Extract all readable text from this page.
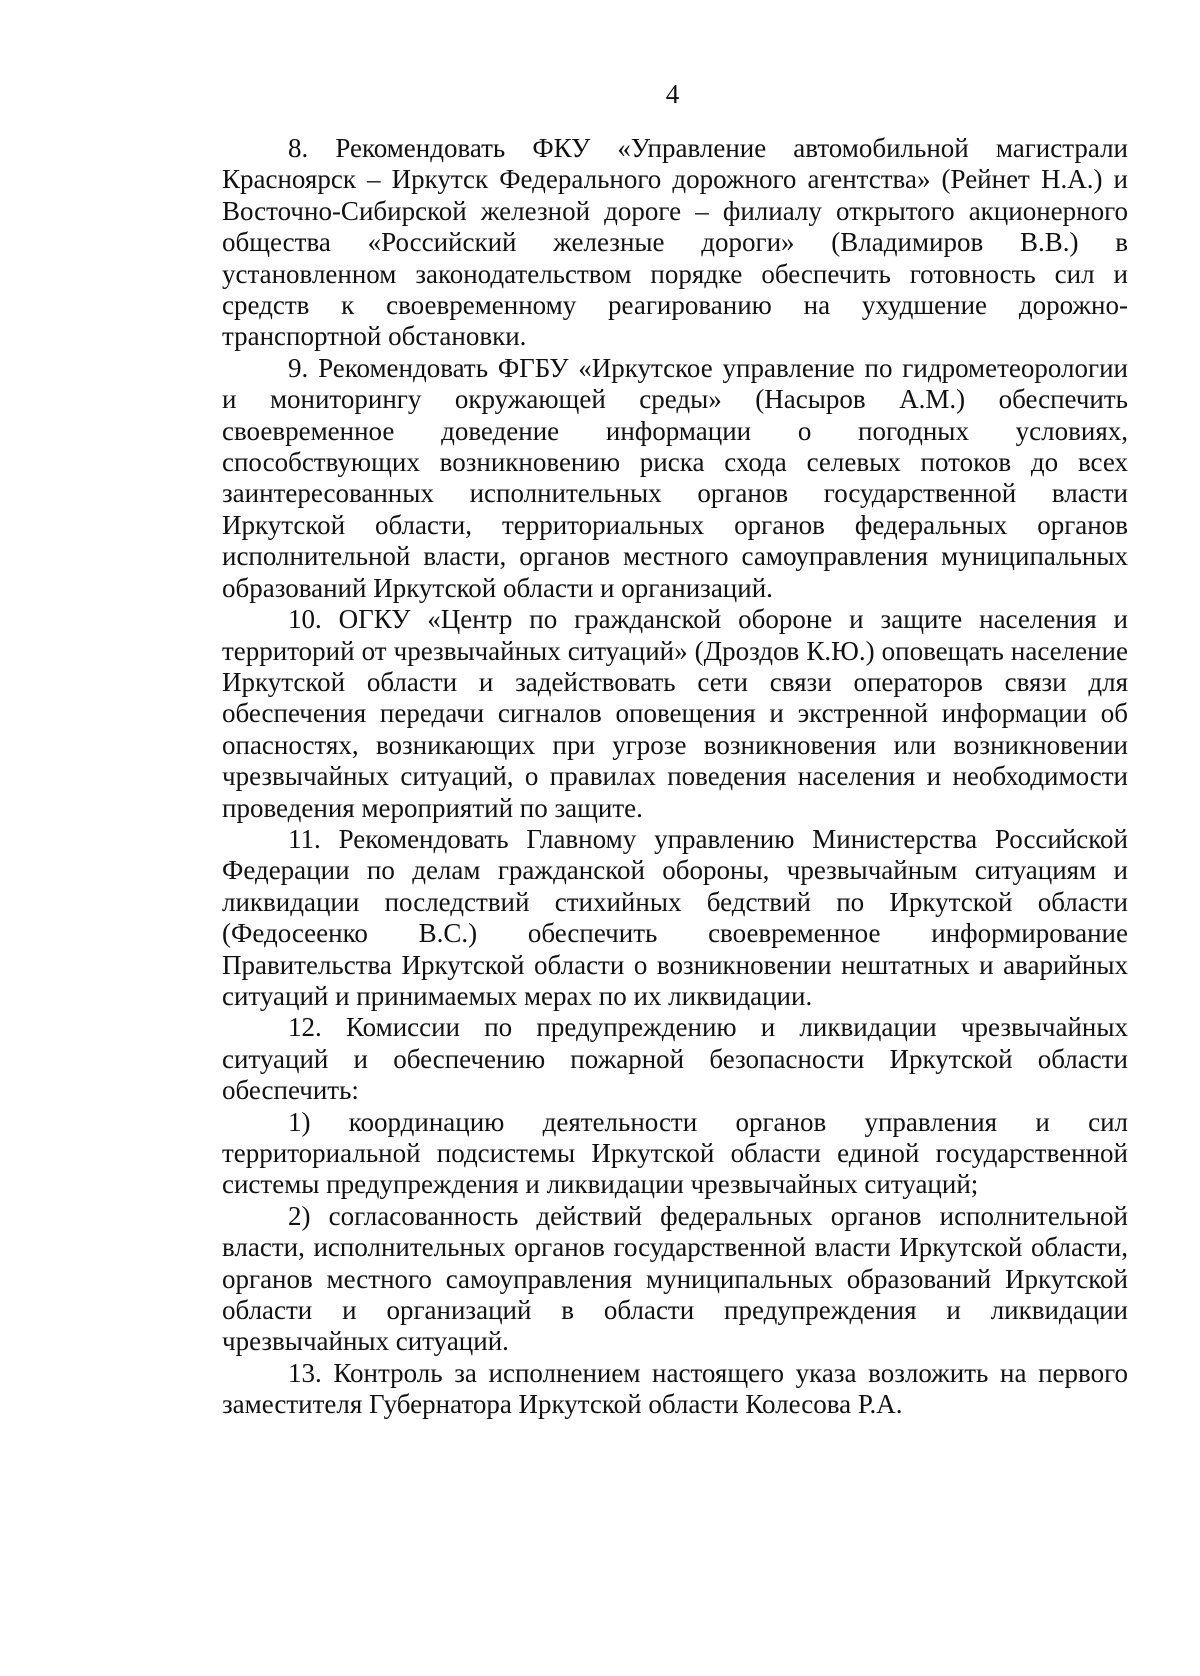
4

8. Рекомендовать ФКУ «Управление автомобильной магистрали Красноярск – Иркутск Федерального дорожного агентства» (Рейнет Н.А.) и Восточно-Сибирской железной дороге – филиалу открытого акционерного общества «Российский железные дороги» (Владимиров В.В.) в установленном законодательством порядке обеспечить готовность сил и средств к своевременному реагированию на ухудшение дорожно-транспортной обстановки.

9. Рекомендовать ФГБУ «Иркутское управление по гидрометеорологии и мониторингу окружающей среды» (Насыров А.М.) обеспечить своевременное доведение информации о погодных условиях, способствующих возникновению риска схода селевых потоков до всех заинтересованных исполнительных органов государственной власти Иркутской области, территориальных органов федеральных органов исполнительной власти, органов местного самоуправления муниципальных образований Иркутской области и организаций.

10. ОГКУ «Центр по гражданской обороне и защите населения и территорий от чрезвычайных ситуаций» (Дроздов К.Ю.) оповещать население Иркутской области и задействовать сети связи операторов связи для обеспечения передачи сигналов оповещения и экстренной информации об опасностях, возникающих при угрозе возникновения или возникновении чрезвычайных ситуаций, о правилах поведения населения и необходимости проведения мероприятий по защите.

11. Рекомендовать Главному управлению Министерства Российской Федерации по делам гражданской обороны, чрезвычайным ситуациям и ликвидации последствий стихийных бедствий по Иркутской области (Федосеенко В.С.) обеспечить своевременное информирование Правительства Иркутской области о возникновении нештатных и аварийных ситуаций и принимаемых мерах по их ликвидации.

12. Комиссии по предупреждению и ликвидации чрезвычайных ситуаций и обеспечению пожарной безопасности Иркутской области обеспечить:

1) координацию деятельности органов управления и сил территориальной подсистемы Иркутской области единой государственной системы предупреждения и ликвидации чрезвычайных ситуаций;

2) согласованность действий федеральных органов исполнительной власти, исполнительных органов государственной власти Иркутской области, органов местного самоуправления муниципальных образований Иркутской области и организаций в области предупреждения и ликвидации чрезвычайных ситуаций.

13. Контроль за исполнением настоящего указа возложить на первого заместителя Губернатора Иркутской области Колесова Р.А.
